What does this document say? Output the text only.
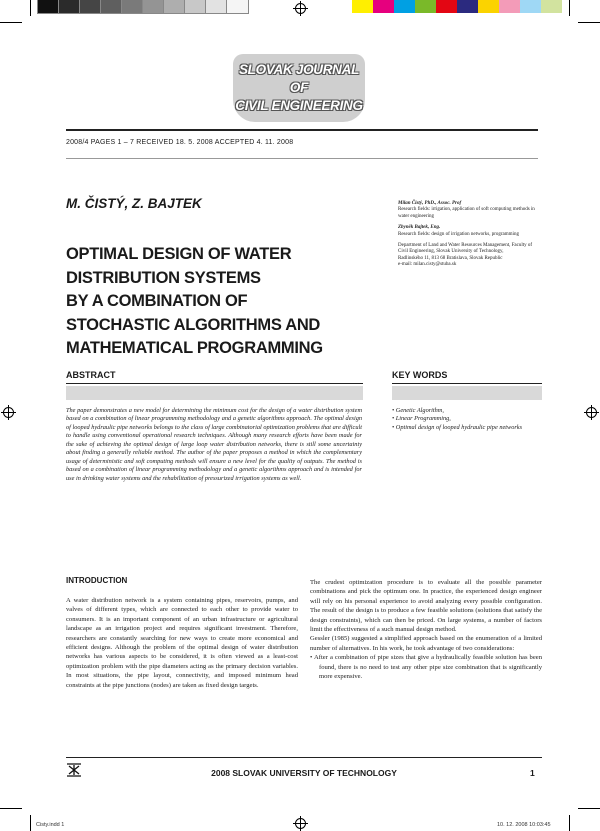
SLOVAK JOURNAL
OF
CIVIL ENGINEERING
2008/4 PAGES 1 – 7 RECEIVED 18. 5. 2008 ACCEPTED 4. 11. 2008
M. ČISTÝ, Z. BAJTEK
OPTIMAL DESIGN OF WATER
DISTRIBUTION SYSTEMS
BY A COMBINATION OF
STOCHASTIC ALGORITHMS AND
MATHEMATICAL PROGRAMMING
Milan Čistý, PhD., Assoc. Prof
Research fields: irrigation, application of soft computing methods in water engineering
Zbyněk Bajtek, Eng.
Research fields: design of irrigation networks, programming
Department of Land and Water Resources Management, Faculty of Civil Engineering, Slovak University of Technology,
Radlinského 11, 813 68 Bratislava, Slovak Republic
e-mail: milan.cisty@stuba.sk
ABSTRACT
The paper demonstrates a new model for determining the minimum cost for the design of a water distribution system based on a combination of linear programming methodology and a genetic algorithms approach. The optimal design of looped hydraulic pipe networks belongs to the class of large combinatorial optimization problems that are difficult to handle using conventional operational research techniques. Although many research efforts have been made for the sake of achieving the optimal design of large loop water distribution networks, there is still some uncertainty about finding a generally reliable method. The author of the paper proposes a method in which the complementary usage of deterministic and soft computing methods will ensure a new level for the quality of outputs. The method is based on a combination of linear programming methodology and a genetic algorithms approach and is intended for use in drinking water systems and the rehabilitation of pressurized irrigation systems as well.
KEY WORDS
• Genetic Algorithm,
• Linear Programming,
• Optimal design of looped hydraulic pipe networks
INTRODUCTION

A water distribution network is a system containing pipes, reservoirs, pumps, and valves of different types, which are connected to each other to provide water to consumers. It is an important component of an urban infrastructure or agricultural landscape as an irrigation project and requires significant investment. Therefore, researchers are constantly searching for new ways to create more economical and efficient designs. Although the problem of the optimal design of water distribution networks has various aspects to be considered, it is often viewed as a least-cost optimization problem with the pipe diameters acting as the primary decision variables. In most situations, the pipe layout, connectivity, and imposed minimum head constraints at the pipe junctions (nodes) are taken as fixed design targets.

The crudest optimization procedure is to evaluate all the possible parameter combinations and pick the optimum one. In practice, the experienced design engineer will rely on his personal experience to avoid analyzing every possible configuration. The result of the design is to produce a few feasible solutions (solutions that satisfy the design constraints), which can then be priced. On large systems, a number of factors limit the effectiveness of a such manual design method.

Gessler (1985) suggested a simplified approach based on the enumeration of a limited number of alternatives. In his work, he took advantage of two considerations:

• After a combination of pipe sizes that give a hydraulically feasible solution has been found, there is no need to test any other pipe size combination that is significantly more expensive.

2008 SLOVAK UNIVERSITY OF TECHNOLOGY	1
Cisty.indd 1	10. 12. 2008 10:03:45
